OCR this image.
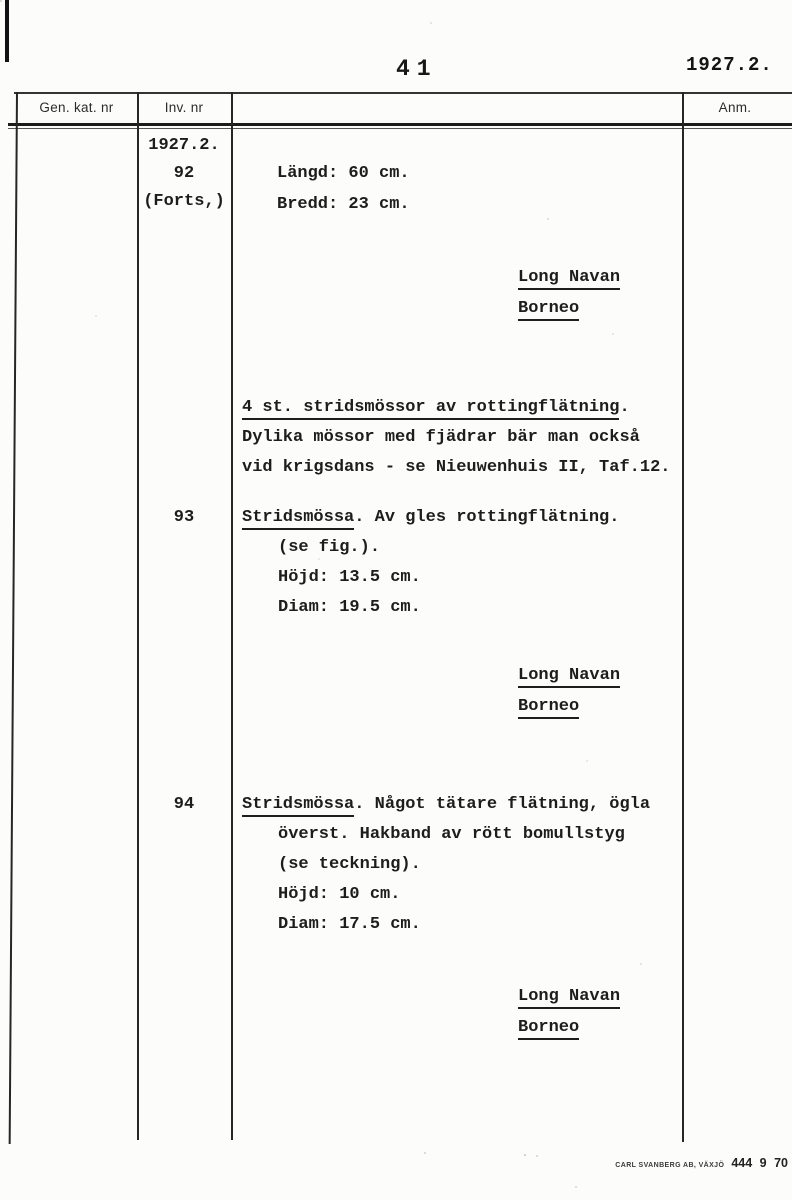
41	1927.2.
Gen. kat. nr	Inv. nr	Anm.
1927.2.
92
(Forts,)
Längd: 60 cm.
Bredd: 23 cm.
Long Navan
Borneo
4 st. stridsmössor av rottingflätning.
Dylika mössor med fjädrar bär man också
vid krigsdans - se Nieuwenhuis II, Taf.12.
93	Stridsmössa. Av gles rottingflätning.
(se fig.).
Höjd: 13.5 cm.
Diam: 19.5 cm.
Long Navan
Borneo
94	Stridsmössa. Något tätare flätning, ögla
överst. Hakband av rött bomullstyg
(se teckning).
Höjd: 10 cm.
Diam: 17.5 cm.
Long Navan
Borneo
CARL SVANBERG AB, VÄXJÖ 444 9 70
